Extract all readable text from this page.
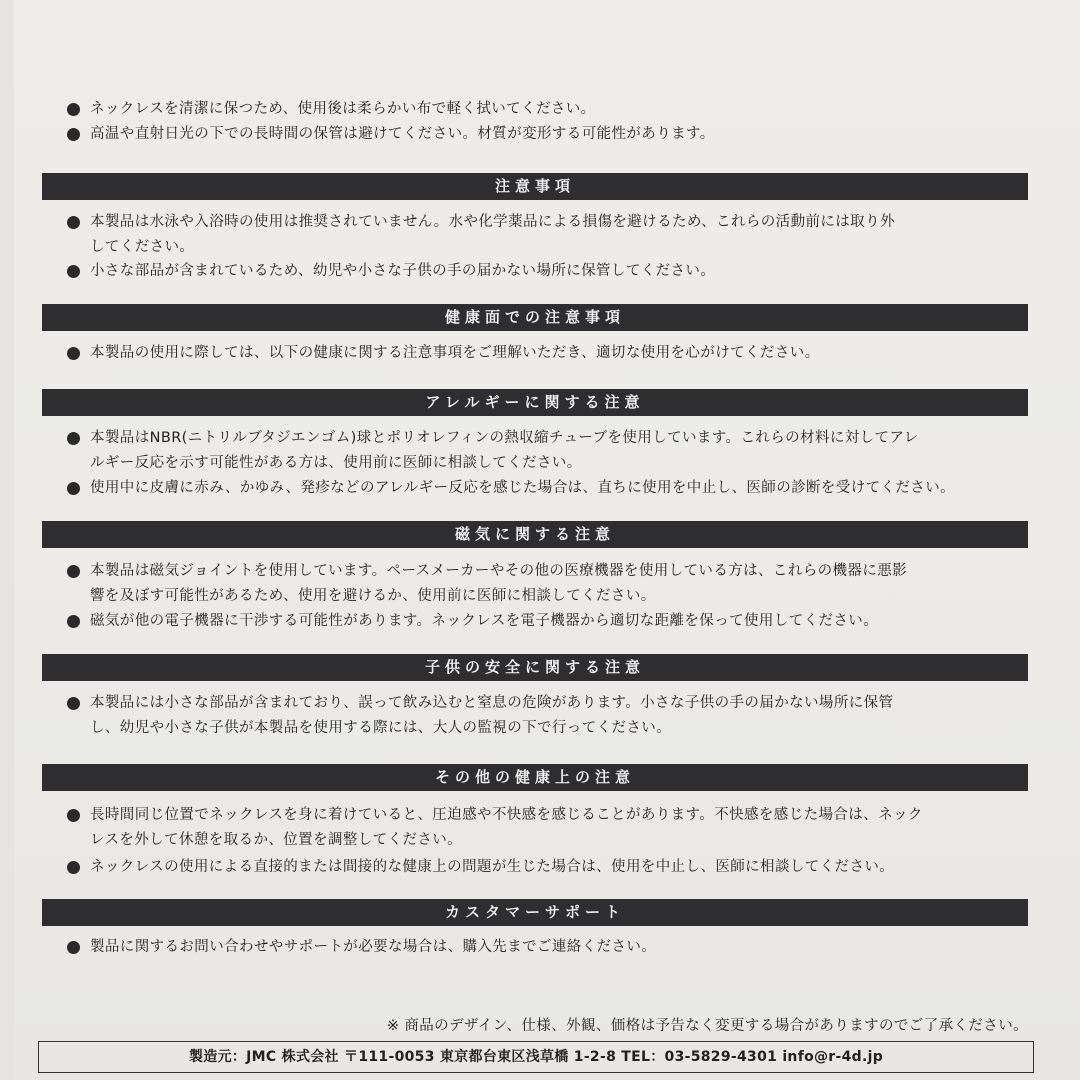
ネックレスを清潔に保つため、使用後は柔らかい布で軽く拭いてください。
高温や直射日光の下での長時間の保管は避けてください。材質が変形する可能性があります。
注意事項
本製品は水泳や入浴時の使用は推奨されていません。水や化学薬品による損傷を避けるため、これらの活動前には取り外
してください。
小さな部品が含まれているため、幼児や小さな子供の手の届かない場所に保管してください。
健康面での注意事項
本製品の使用に際しては、以下の健康に関する注意事項をご理解いただき、適切な使用を心がけてください。
アレルギーに関する注意
本製品はNBR(ニトリルブタジエンゴム)球とポリオレフィンの熱収縮チューブを使用しています。これらの材料に対してアレ
ルギー反応を示す可能性がある方は、使用前に医師に相談してください。
使用中に皮膚に赤み、かゆみ、発疹などのアレルギー反応を感じた場合は、直ちに使用を中止し、医師の診断を受けてください。
磁気に関する注意
本製品は磁気ジョイントを使用しています。ペースメーカーやその他の医療機器を使用している方は、これらの機器に悪影
響を及ぼす可能性があるため、使用を避けるか、使用前に医師に相談してください。
磁気が他の電子機器に干渉する可能性があります。ネックレスを電子機器から適切な距離を保って使用してください。
子供の安全に関する注意
本製品には小さな部品が含まれており、誤って飲み込むと窒息の危険があります。小さな子供の手の届かない場所に保管
し、幼児や小さな子供が本製品を使用する際には、大人の監視の下で行ってください。
その他の健康上の注意
長時間同じ位置でネックレスを身に着けていると、圧迫感や不快感を感じることがあります。不快感を感じた場合は、ネック
レスを外して休憩を取るか、位置を調整してください。
ネックレスの使用による直接的または間接的な健康上の問題が生じた場合は、使用を中止し、医師に相談してください。
カスタマーサポート
製品に関するお問い合わせやサポートが必要な場合は、購入先までご連絡ください。
※ 商品のデザイン、仕様、外観、価格は予告なく変更する場合がありますのでご了承ください。
製造元：JMC 株式会社 〒111-0053 東京都台東区浅草橋 1-2-8 TEL：03-5829-4301 info@r-4d.jp
